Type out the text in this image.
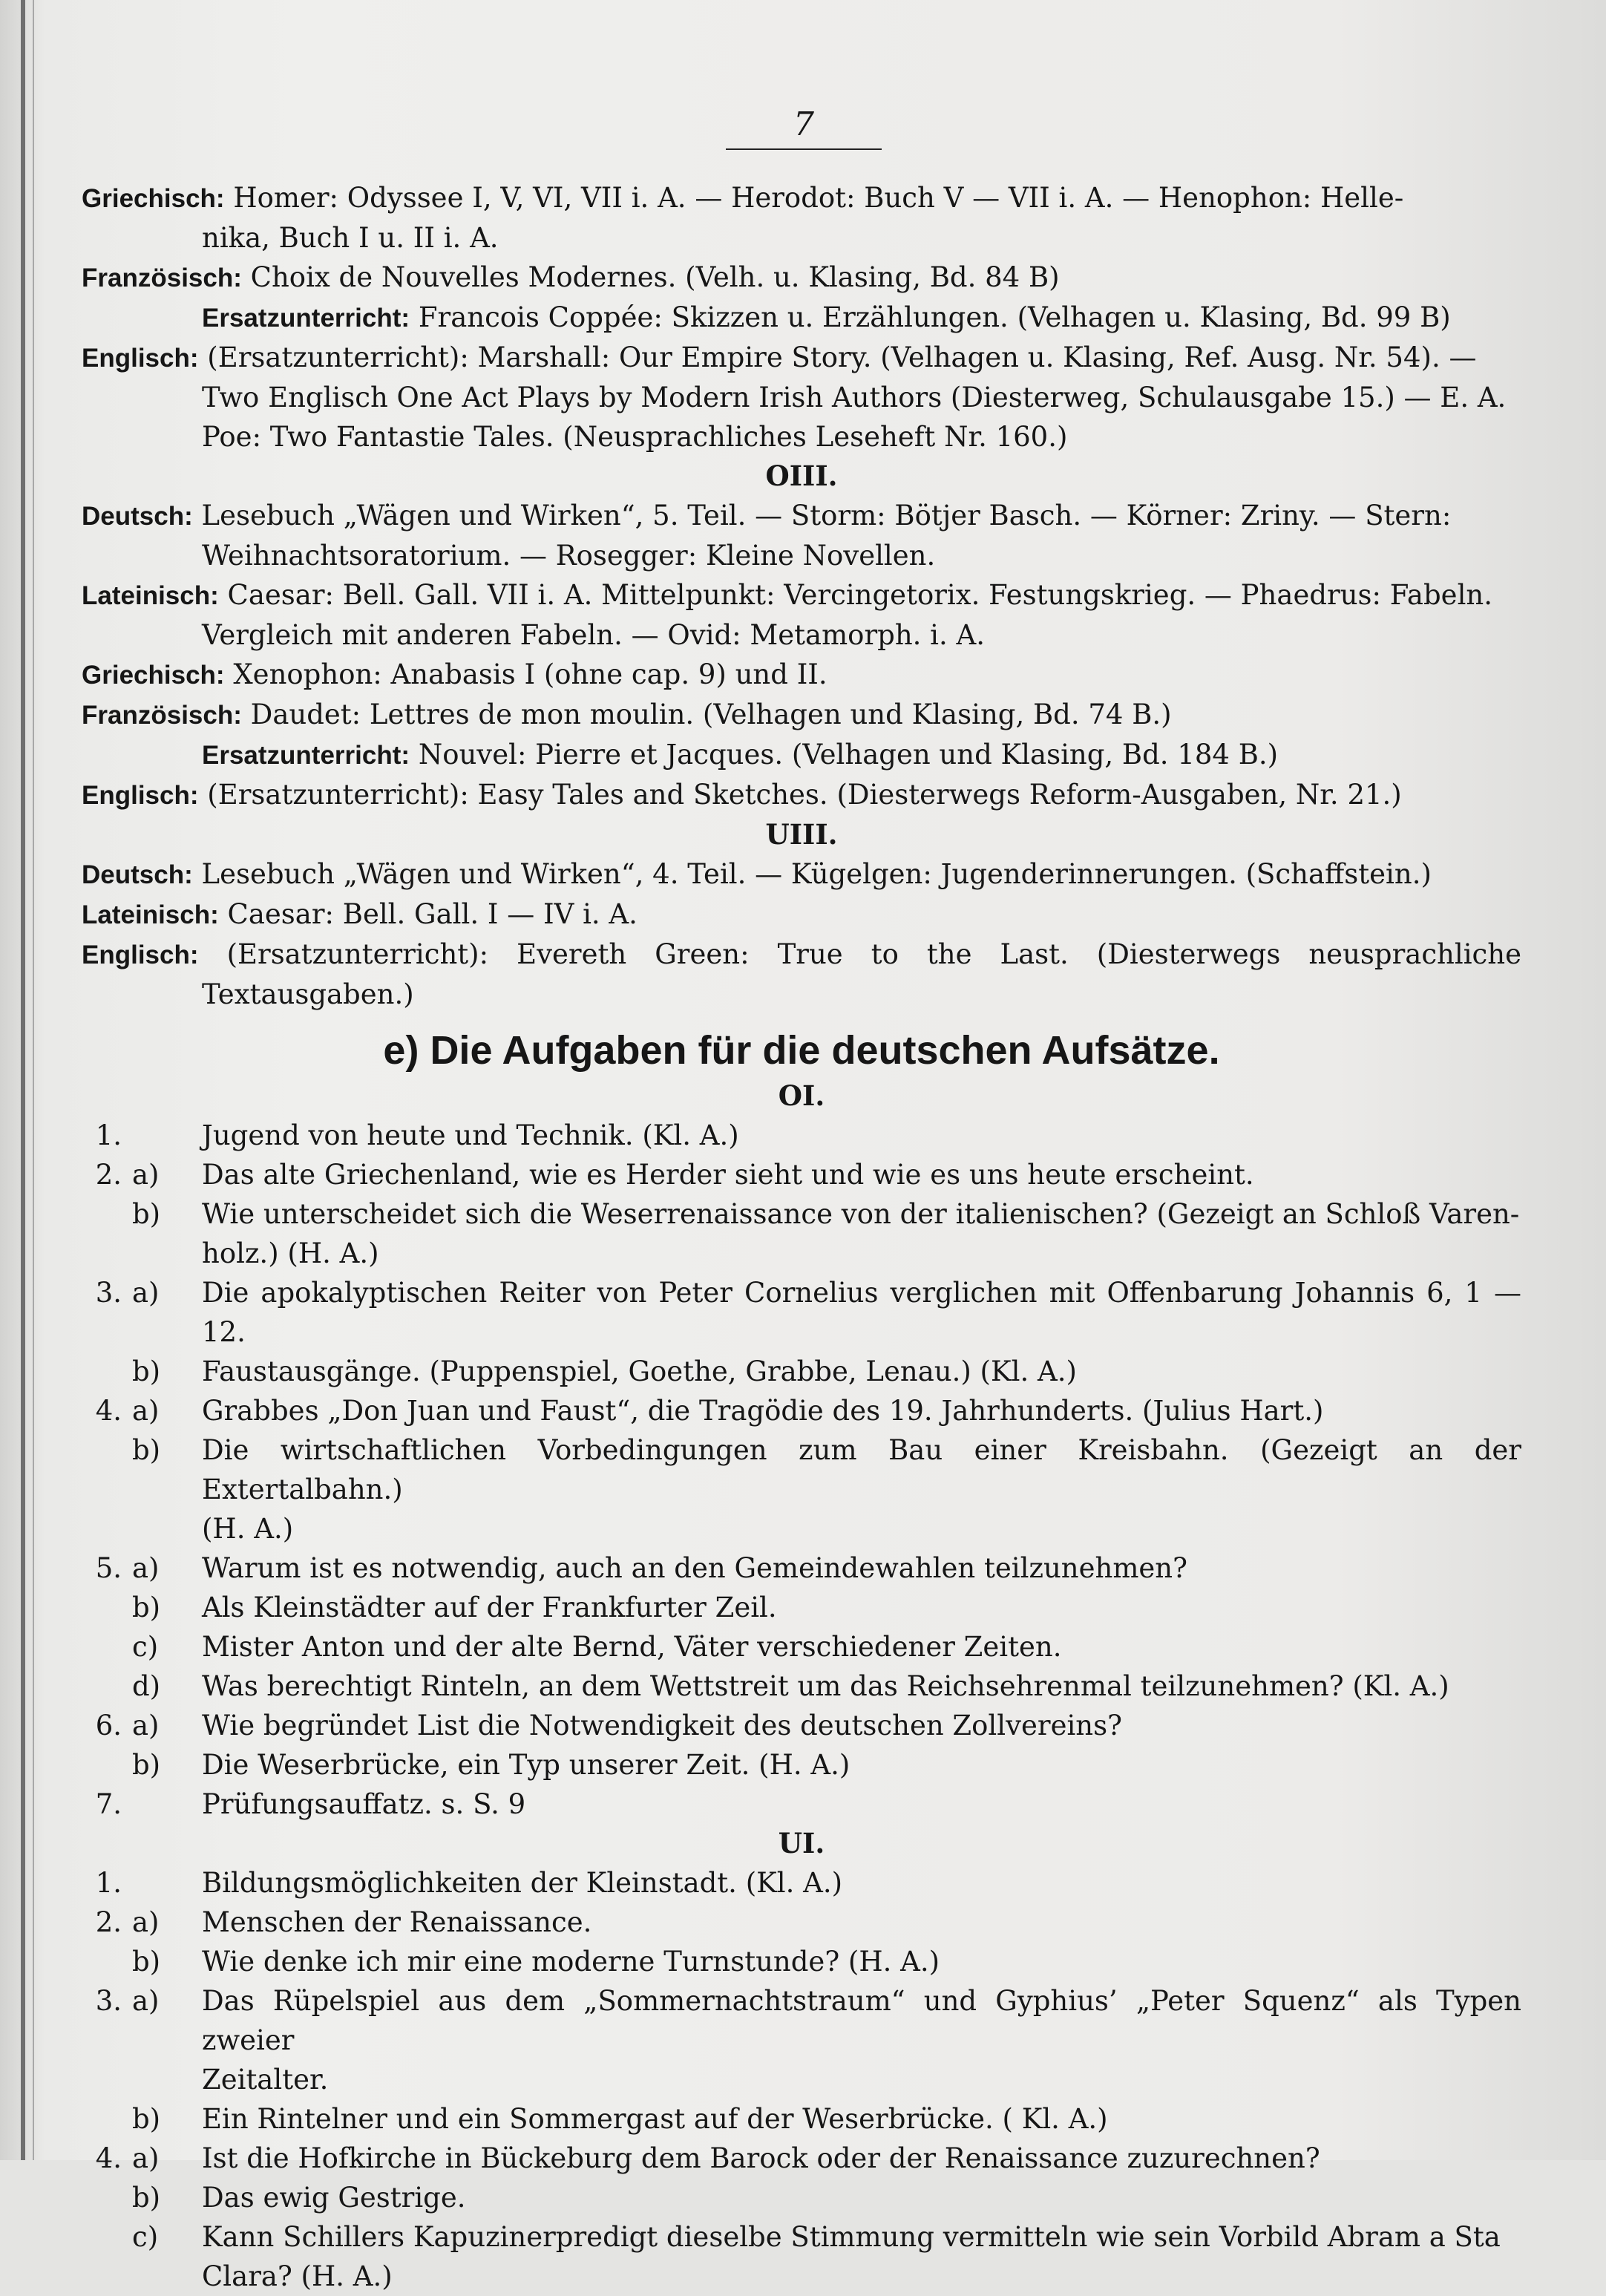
7
Griechisch: Homer: Odyssee I, V, VI, VII i. A. — Herodot: Buch V — VII i. A. — Henophon: Helle-
nika, Buch I u. II i. A.
Französisch: Choix de Nouvelles Modernes. (Velh. u. Klasing, Bd. 84 B)
Ersatzunterricht: Francois Coppée: Skizzen u. Erzählungen. (Velhagen u. Klasing, Bd. 99 B)
Englisch: (Ersatzunterricht): Marshall: Our Empire Story. (Velhagen u. Klasing, Ref. Ausg. Nr. 54). —
Two Englisch One Act Plays by Modern Irish Authors (Diesterweg, Schulausgabe 15.) — E. A.
Poe: Two Fantastie Tales. (Neusprachliches Leseheft Nr. 160.)
OIII.
Deutsch: Lesebuch „Wägen und Wirken“, 5. Teil. — Storm: Bötjer Basch. — Körner: Zriny. — Stern:
Weihnachtsoratorium. — Rosegger: Kleine Novellen.
Lateinisch: Caesar: Bell. Gall. VII i. A. Mittelpunkt: Vercingetorix. Festungskrieg. — Phaedrus: Fabeln.
Vergleich mit anderen Fabeln. — Ovid: Metamorph. i. A.
Griechisch: Xenophon: Anabasis I (ohne cap. 9) und II.
Französisch: Daudet: Lettres de mon moulin. (Velhagen und Klasing, Bd. 74 B.)
Ersatzunterricht: Nouvel: Pierre et Jacques. (Velhagen und Klasing, Bd. 184 B.)
Englisch: (Ersatzunterricht): Easy Tales and Sketches. (Diesterwegs Reform-Ausgaben, Nr. 21.)
UIII.
Deutsch: Lesebuch „Wägen und Wirken“, 4. Teil. — Kügelgen: Jugenderinnerungen. (Schaffstein.)
Lateinisch: Caesar: Bell. Gall. I — IV i. A.
Englisch: (Ersatzunterricht): Evereth Green: True to the Last. (Diesterwegs neusprachliche Textausgaben.)
e) Die Aufgaben für die deutschen Aufsätze.
OI.
1.	Jugend von heute und Technik. (Kl. A.)
2. a) Das alte Griechenland, wie es Herder sieht und wie es uns heute erscheint.
b) Wie unterscheidet sich die Weserrenaissance von der italienischen? (Gezeigt an Schloß Varen-
holz.) (H. A.)
3. a) Die apokalyptischen Reiter von Peter Cornelius verglichen mit Offenbarung Johannis 6, 1 — 12.
b) Faustausgänge. (Puppenspiel, Goethe, Grabbe, Lenau.) (Kl. A.)
4. a) Grabbes „Don Juan und Faust“, die Tragödie des 19. Jahrhunderts. (Julius Hart.)
b) Die wirtschaftlichen Vorbedingungen zum Bau einer Kreisbahn. (Gezeigt an der Extertalbahn.)
(H. A.)
5. a) Warum ist es notwendig, auch an den Gemeindewahlen teilzunehmen?
b) Als Kleinstädter auf der Frankfurter Zeil.
c) Mister Anton und der alte Bernd, Väter verschiedener Zeiten.
d) Was berechtigt Rinteln, an dem Wettstreit um das Reichsehrenmal teilzunehmen? (Kl. A.)
6. a) Wie begründet List die Notwendigkeit des deutschen Zollvereins?
b) Die Weserbrücke, ein Typ unserer Zeit. (H. A.)
7.	Prüfungsauffatz. s. S. 9
UI.
1.	Bildungsmöglichkeiten der Kleinstadt. (Kl. A.)
2. a) Menschen der Renaissance.
b) Wie denke ich mir eine moderne Turnstunde? (H. A.)
3. a) Das Rüpelspiel aus dem „Sommernachtstraum“ und Gyphius’ „Peter Squenz“ als Typen zweier
Zeitalter.
b) Ein Rintelner und ein Sommergast auf der Weserbrücke. ( Kl. A.)
4. a) Ist die Hofkirche in Bückeburg dem Barock oder der Renaissance zuzurechnen?
b) Das ewig Gestrige.
c) Kann Schillers Kapuzinerpredigt dieselbe Stimmung vermitteln wie sein Vorbild Abram a Sta
Clara? (H. A.)
